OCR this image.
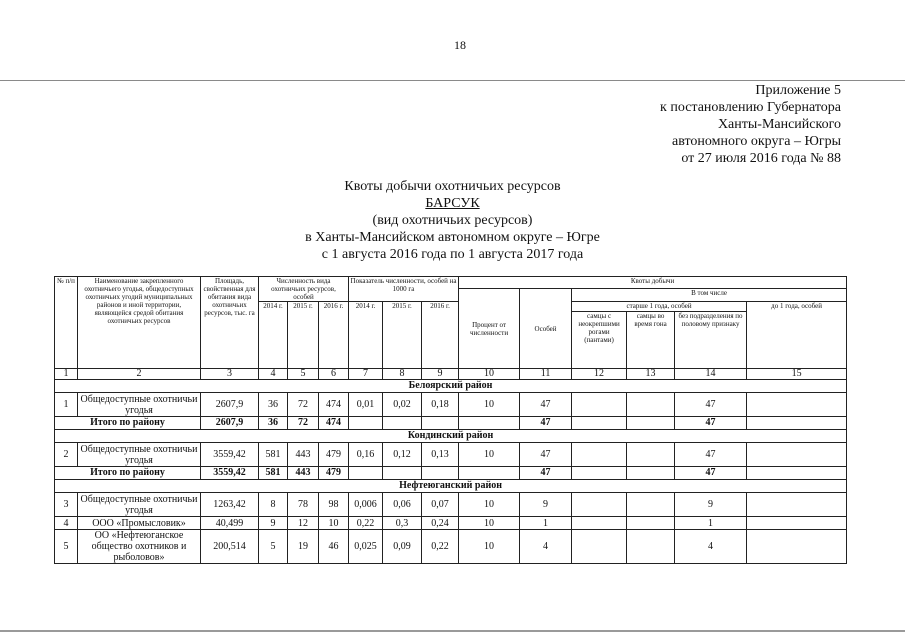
18
Приложение 5
к постановлению Губернатора
Ханты-Мансийского
автономного округа – Югры
от 27 июля 2016 года № 88
Квоты добычи охотничьих ресурсов
БАРСУК
(вид охотничьих ресурсов)
в Ханты-Мансийском автономном округе – Югре
с 1 августа 2016 года по 1 августа 2017 года
№ п/п	Наименование закрепленного охотничьего угодья, общедоступных охотничьих угодий муниципальных районов и иной территории, являющейся средой обитания охотничьих ресурсов	Площадь, свойственная для обитания вида охотничьих ресурсов, тыс. га	Численность вида охотничьих ресурсов, особей			Показатель численности, особей на 1000 га			Квоты добычи					
									Процент от численности	Особей	В том числе			
			2014 г.	2015 г.	2016 г.	2014 г.	2015 г.	2016 г.			старше 1 года, особей			до 1 года, особей
											самцы с неокрепшими рогами (пантами)	самцы во время гона	без подразделения по половому признаку	
1	2	3	4	5	6	7	8	9	10	11	12	13	14	15
Белоярский район														
1	Общедоступные охотничьи угодья	2607,9	36	72	474	0,01	0,02	0,18	10	47			47	
Итого по району		2607,9	36	72	474					47			47	
Кондинский район														
2	Общедоступные охотничьи угодья	3559,42	581	443	479	0,16	0,12	0,13	10	47			47	
Итого по району		3559,42	581	443	479					47			47	
Нефтеюганский район														
3	Общедоступные охотничьи угодья	1263,42	8	78	98	0,006	0,06	0,07	10	9			9	
4	ООО «Промысловик»	40,499	9	12	10	0,22	0,3	0,24	10	1			1	
5	ОО «Нефтеюганское общество охотников и рыболовов»	200,514	5	19	46	0,025	0,09	0,22	10	4			4	
